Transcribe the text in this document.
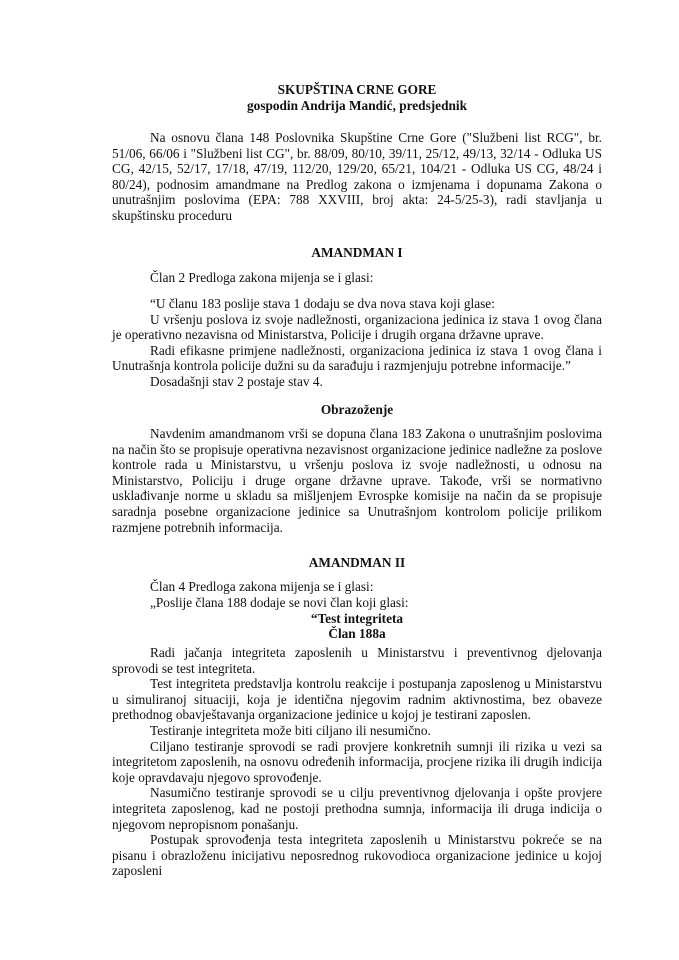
SKUPŠTINA CRNE GORE
gospodin Andrija Mandić, predsjednik

Na osnovu člana 148 Poslovnika Skupštine Crne Gore ("Službeni list RCG", br. 51/06, 66/06 i "Službeni list CG", br. 88/09, 80/10, 39/11, 25/12, 49/13, 32/14 - Odluka US CG, 42/15, 52/17, 17/18, 47/19, 112/20, 129/20, 65/21, 104/21 - Odluka US CG, 48/24 i 80/24), podnosim amandmane na Predlog zakona o izmjenama i dopunama Zakona o unutrašnjim poslovima (EPA: 788 XXVIII, broj akta: 24-5/25-3), radi stavljanja u skupštinsku proceduru

AMANDMAN I

Član 2 Predloga zakona mijenja se i glasi:

“U članu 183 poslije stava 1 dodaju se dva nova stava koji glase:

U vršenju poslova iz svoje nadležnosti, organizaciona jedinica iz stava 1 ovog člana je operativno nezavisna od Ministarstva, Policije i drugih organa državne uprave.

Radi efikasne primjene nadležnosti, organizaciona jedinica iz stava 1 ovog člana i Unutrašnja kontrola policije dužni su da sarađuju i razmjenjuju potrebne informacije.”

Dosadašnji stav 2 postaje stav 4.

Obrazoženje

Navdenim amandmanom vrši se dopuna člana 183 Zakona o unutrašnjim poslovima na način što se propisuje operativna nezavisnost organizacione jedinice nadležne za poslove kontrole rada u Ministarstvu, u vršenju poslova iz svoje nadležnosti, u odnosu na Ministarstvo, Policiju i druge organe državne uprave. Takođe, vrši se normativno usklađivanje norme u skladu sa mišljenjem Evrospke komisije na način da se propisuje saradnja posebne organizacione jedinice sa Unutrašnjom kontrolom policije prilikom razmjene potrebnih informacija.

AMANDMAN II

Član 4 Predloga zakona mijenja se i glasi:

„Poslije člana 188 dodaje se novi član koji glasi:

“Test integriteta
Član 188a

Radi jačanja integriteta zaposlenih u Ministarstvu i preventivnog djelovanja sprovodi se test integriteta.

Test integriteta predstavlja kontrolu reakcije i postupanja zaposlenog u Ministarstvu u simuliranoj situaciji, koja je identična njegovim radnim aktivnostima, bez obaveze prethodnog obavještavanja organizacione jedinice u kojoj je testirani zaposlen.

Testiranje integriteta može biti ciljano ili nesumično.

Ciljano testiranje sprovodi se radi provjere konkretnih sumnji ili rizika u vezi sa integritetom zaposlenih, na osnovu određenih informacija, procjene rizika ili drugih indicija koje opravdavaju njegovo sprovođenje.

Nasumično testiranje sprovodi se u cilju preventivnog djelovanja i opšte provjere integriteta zaposlenog, kad ne postoji prethodna sumnja, informacija ili druga indicija o njegovom nepropisnom ponašanju.

Postupak sprovođenja testa integriteta zaposlenih u Ministarstvu pokreće se na pisanu i obrazloženu inicijativu neposrednog rukovodioca organizacione jedinice u kojoj zaposleni
